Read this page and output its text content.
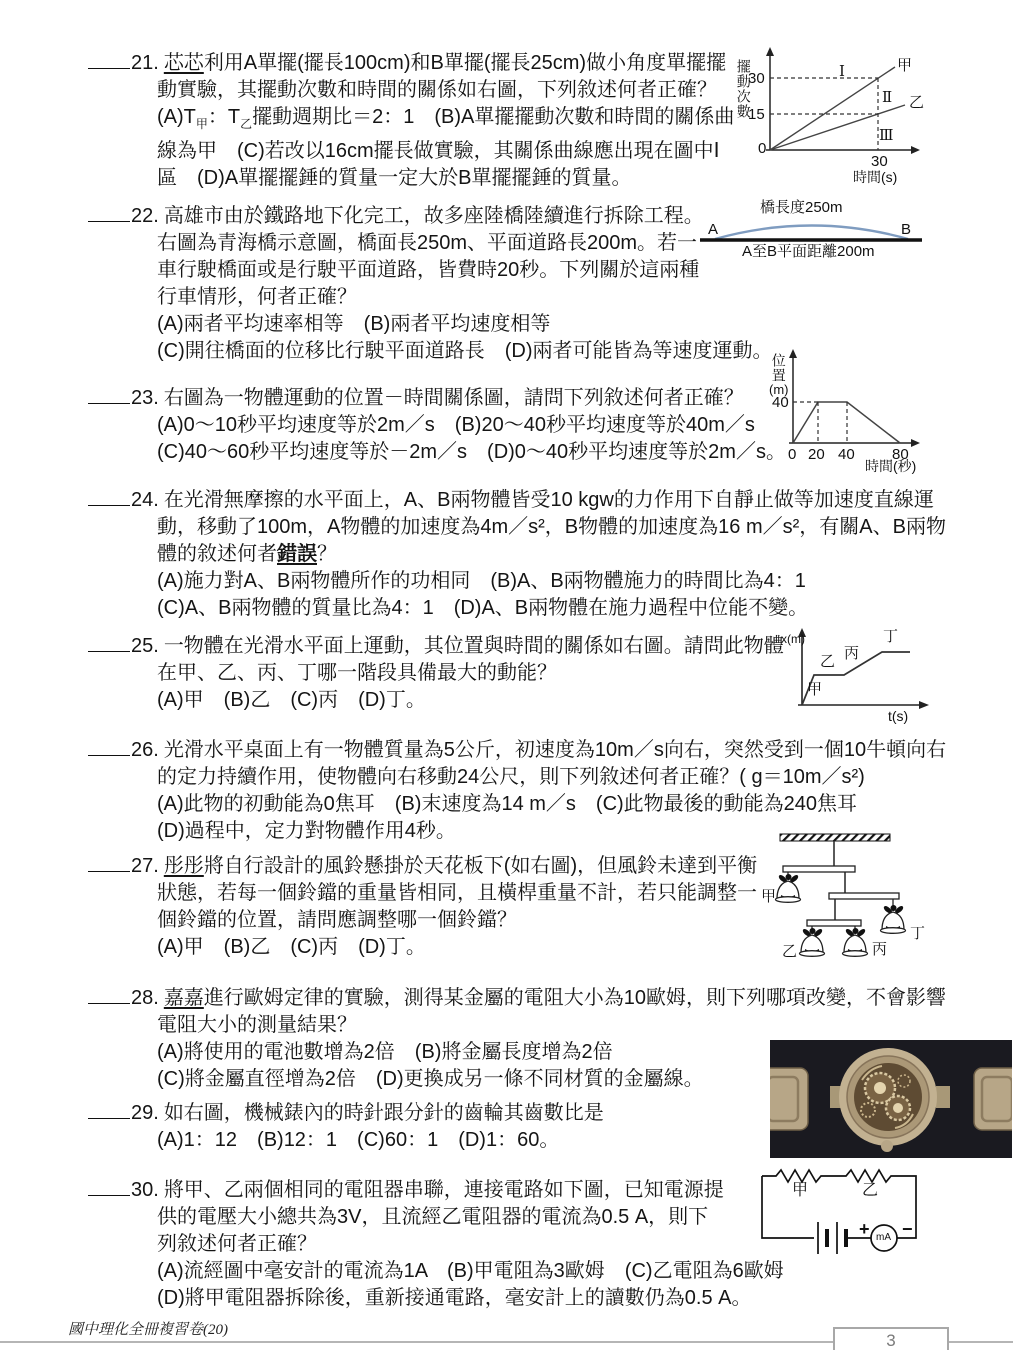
21. 芯芯利用A單擺(擺長100cm)和B單擺(擺長25cm)做小角度單擺擺
動實驗，其擺動次數和時間的關係如右圖，下列敘述何者正確？
$(A)T_甲$：$T_乙$擺動週期比＝2：1　(B)A單擺擺動次數和時間的關係曲
線為甲　(C)若改以16cm擺長做實驗，其關係曲線應出現在圖中Ⅰ
區　(D)A單擺擺錘的質量一定大於B單擺擺錘的質量。
擺動次數
30
15
0
甲
乙
Ⅰ
Ⅱ
Ⅲ
30
時間(s)
22. 高雄市由於鐵路地下化完工，故多座陸橋陸續進行拆除工程。
右圖為青海橋示意圖，橋面長250m、平面道路長200m。若一
車行駛橋面或是行駛平面道路，皆費時20秒。下列關於這兩種
行車情形，何者正確？
(A)兩者平均速率相等　(B)兩者平均速度相等
(C)開往橋面的位移比行駛平面道路長　(D)兩者可能皆為等速度運動。
橋長度250m
A	B
A至B平面距離200m
23. 右圖為一物體運動的位置－時間關係圖，請問下列敘述何者正確？
(A)0～10秒平均速度等於2m／s　(B)20～40秒平均速度等於40m／s
(C)40～60秒平均速度等於－2m／s　(D)0～40秒平均速度等於2m／s。
位置
(m)
40
0 20 40 80
時間(秒)
24. 在光滑無摩擦的水平面上，A、B兩物體皆受10 kgw的力作用下自靜止做等加速度直線運
動，移動了100m，A物體的加速度為4m／s²，B物體的加速度為16 m／s²，有關A、B兩物
體的敘述何者錯誤？
(A)施力對A、B兩物體所作的功相同　(B)A、B兩物體施力的時間比為4：1
(C)A、B兩物體的質量比為4：1　(D)A、B兩物體在施力過程中位能不變。
25. 一物體在光滑水平面上運動，其位置與時間的關係如右圖。請問此物體
在甲、乙、丙、丁哪一階段具備最大的動能？
(A)甲　(B)乙　(C)丙　(D)丁。
x(m)
甲
乙 丙
丁
t(s)
26. 光滑水平桌面上有一物體質量為5公斤，初速度為10m／s向右，突然受到一個10牛頓向右
的定力持續作用，使物體向右移動24公尺，則下列敘述何者正確？( g＝10m／s²)
(A)此物的初動能為0焦耳　(B)末速度為14 m／s　(C)此物最後的動能為240焦耳
(D)過程中，定力對物體作用4秒。
27. 彤彤將自行設計的風鈴懸掛於天花板下(如右圖)，但風鈴未達到平衡
狀態，若每一個鈴鐺的重量皆相同，且橫桿重量不計，若只能調整一
個鈴鐺的位置，請問應調整哪一個鈴鐺？
(A)甲　(B)乙　(C)丙　(D)丁。
甲
丁
乙	丙
28. 嘉嘉進行歐姆定律的實驗，測得某金屬的電阻大小為10歐姆，則下列哪項改變，不會影響
電阻大小的測量結果？
(A)將使用的電池數增為2倍　(B)將金屬長度增為2倍
(C)將金屬直徑增為2倍　(D)更換成另一條不同材質的金屬線。
29. 如右圖，機械錶內的時針跟分針的齒輪其齒數比是
(A)1：12　(B)12：1　(C)60：1　(D)1：60。
30. 將甲、乙兩個相同的電阻器串聯，連接電路如下圖，已知電源提
供的電壓大小總共為3V，且流經乙電阻器的電流為0.5 A，則下
列敘述何者正確？
(A)流經圖中毫安計的電流為1A　(B)甲電阻為3歐姆　(C)乙電阻為6歐姆
(D)將甲電阻器拆除後，重新接通電路，毫安計上的讀數仍為0.5 A。
甲	乙
+ mA −
國中理化全冊複習卷(20)
3
